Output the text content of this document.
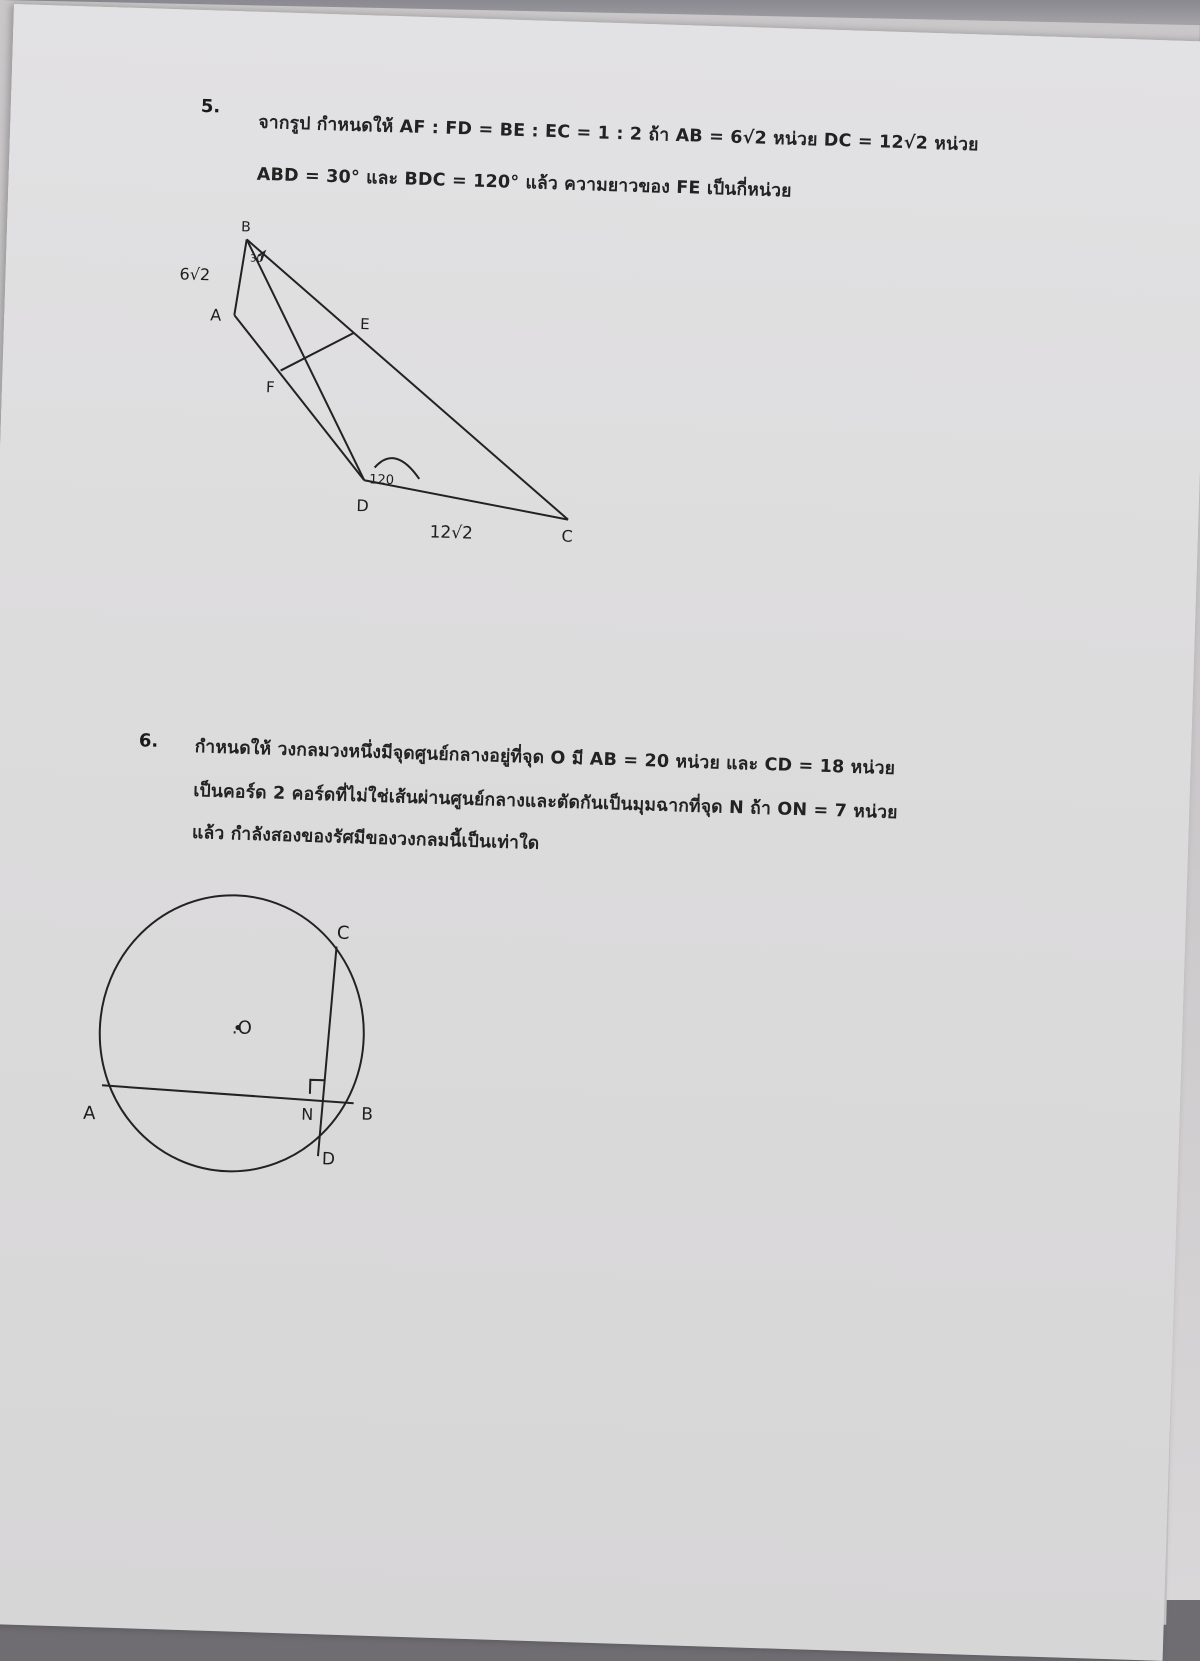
5.
จากรูป กำหนดให้ AF : FD = BE : EC = 1 : 2 ถ้า AB = 6√2 หน่วย DC = 12√2 หน่วย
ABD = 30° และ BDC = 120° แล้ว ความยาวของ FE เป็นกี่หน่วย
B
A	E
F
D
C
6√2
12√2
30
120
6. กำหนดให้ วงกลมวงหนึ่งมีจุดศูนย์กลางอยู่ที่จุด O มี AB = 20 หน่วย และ CD = 18 หน่วย
เป็นคอร์ด 2 คอร์ดที่ไม่ใช่เส้นผ่านศูนย์กลางและตัดกันเป็นมุมฉากที่จุด N ถ้า ON = 7 หน่วย
แล้ว กำลังสองของรัศมีของวงกลมนี้เป็นเท่าใด
C
.O
A	N	B
D
